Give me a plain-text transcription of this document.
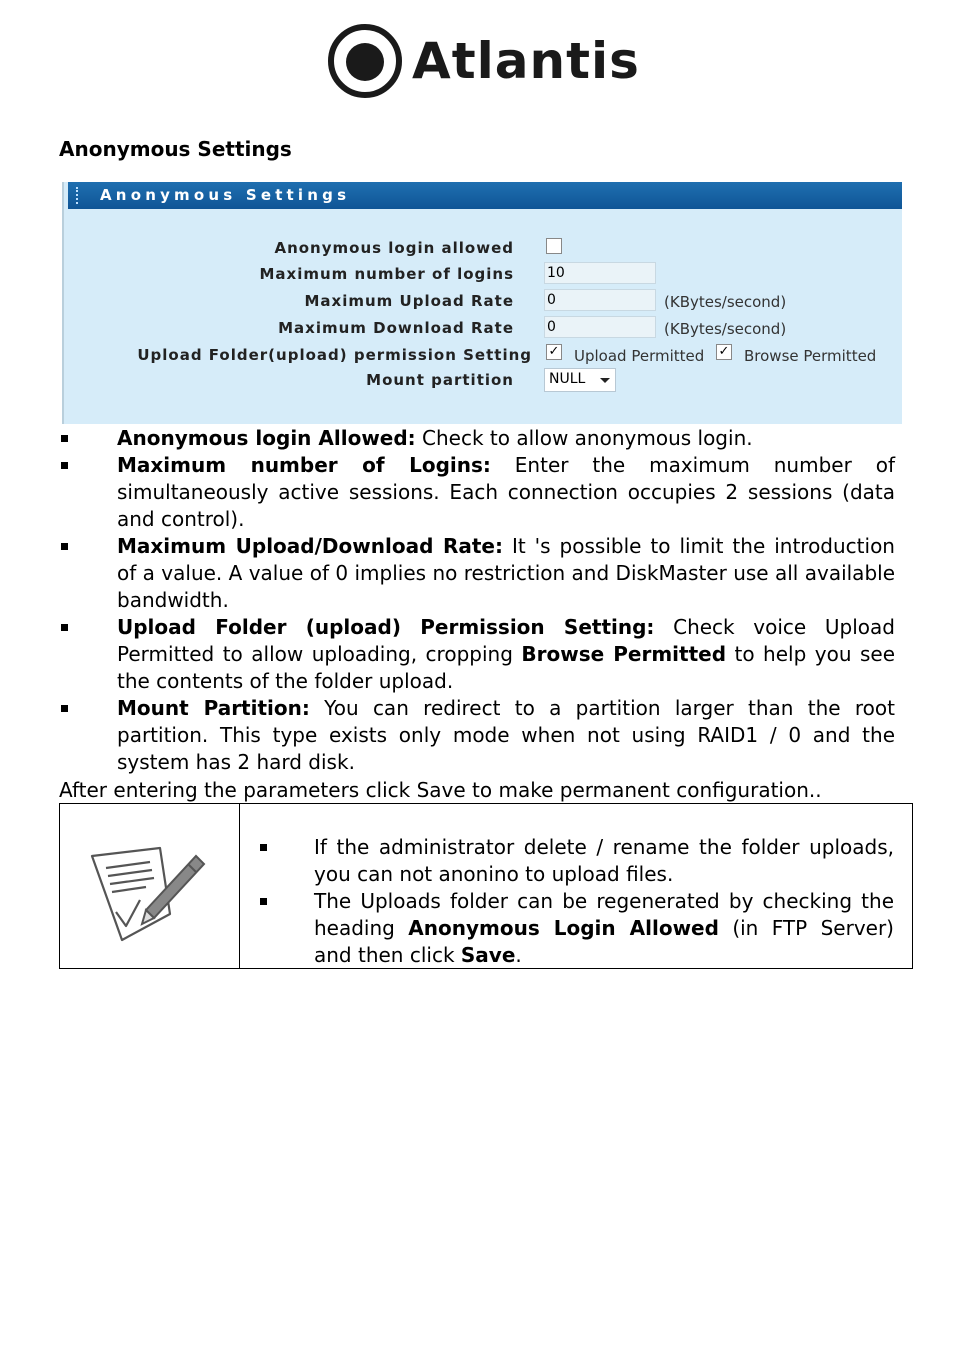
Atlantis
Anonymous Settings
Anonymous Settings
Anonymous login allowed
Maximum number of logins 10
Maximum Upload Rate 0	(KBytes/second)
Maximum Download Rate 0	(KBytes/second)
Upload Folder(upload) permission Setting ✓ Upload Permitted ✓ Browse Permitted
Mount partition	NULL
Anonymous login Allowed: Check to allow anonymous login.
Maximum number of Logins: Enter the maximum number of simultaneously active sessions. Each connection occupies 2 sessions (data and control).
Maximum Upload/Download Rate: It 's possible to limit the introduction of a value. A value of 0 implies no restriction and DiskMaster use all available bandwidth.
Upload Folder (upload) Permission Setting: Check voice Upload Permitted to allow uploading, cropping Browse Permitted to help you see the contents of the folder upload.
Mount Partition: You can redirect to a partition larger than the root partition. This type exists only mode when not using RAID1 / 0 and the system has 2 hard disk.
After entering the parameters click Save to make permanent configuration..
If the administrator delete / rename the folder uploads, you can not anonino to upload files.
The Uploads folder can be regenerated by checking the heading Anonymous Login Allowed (in FTP Server) and then click Save.
